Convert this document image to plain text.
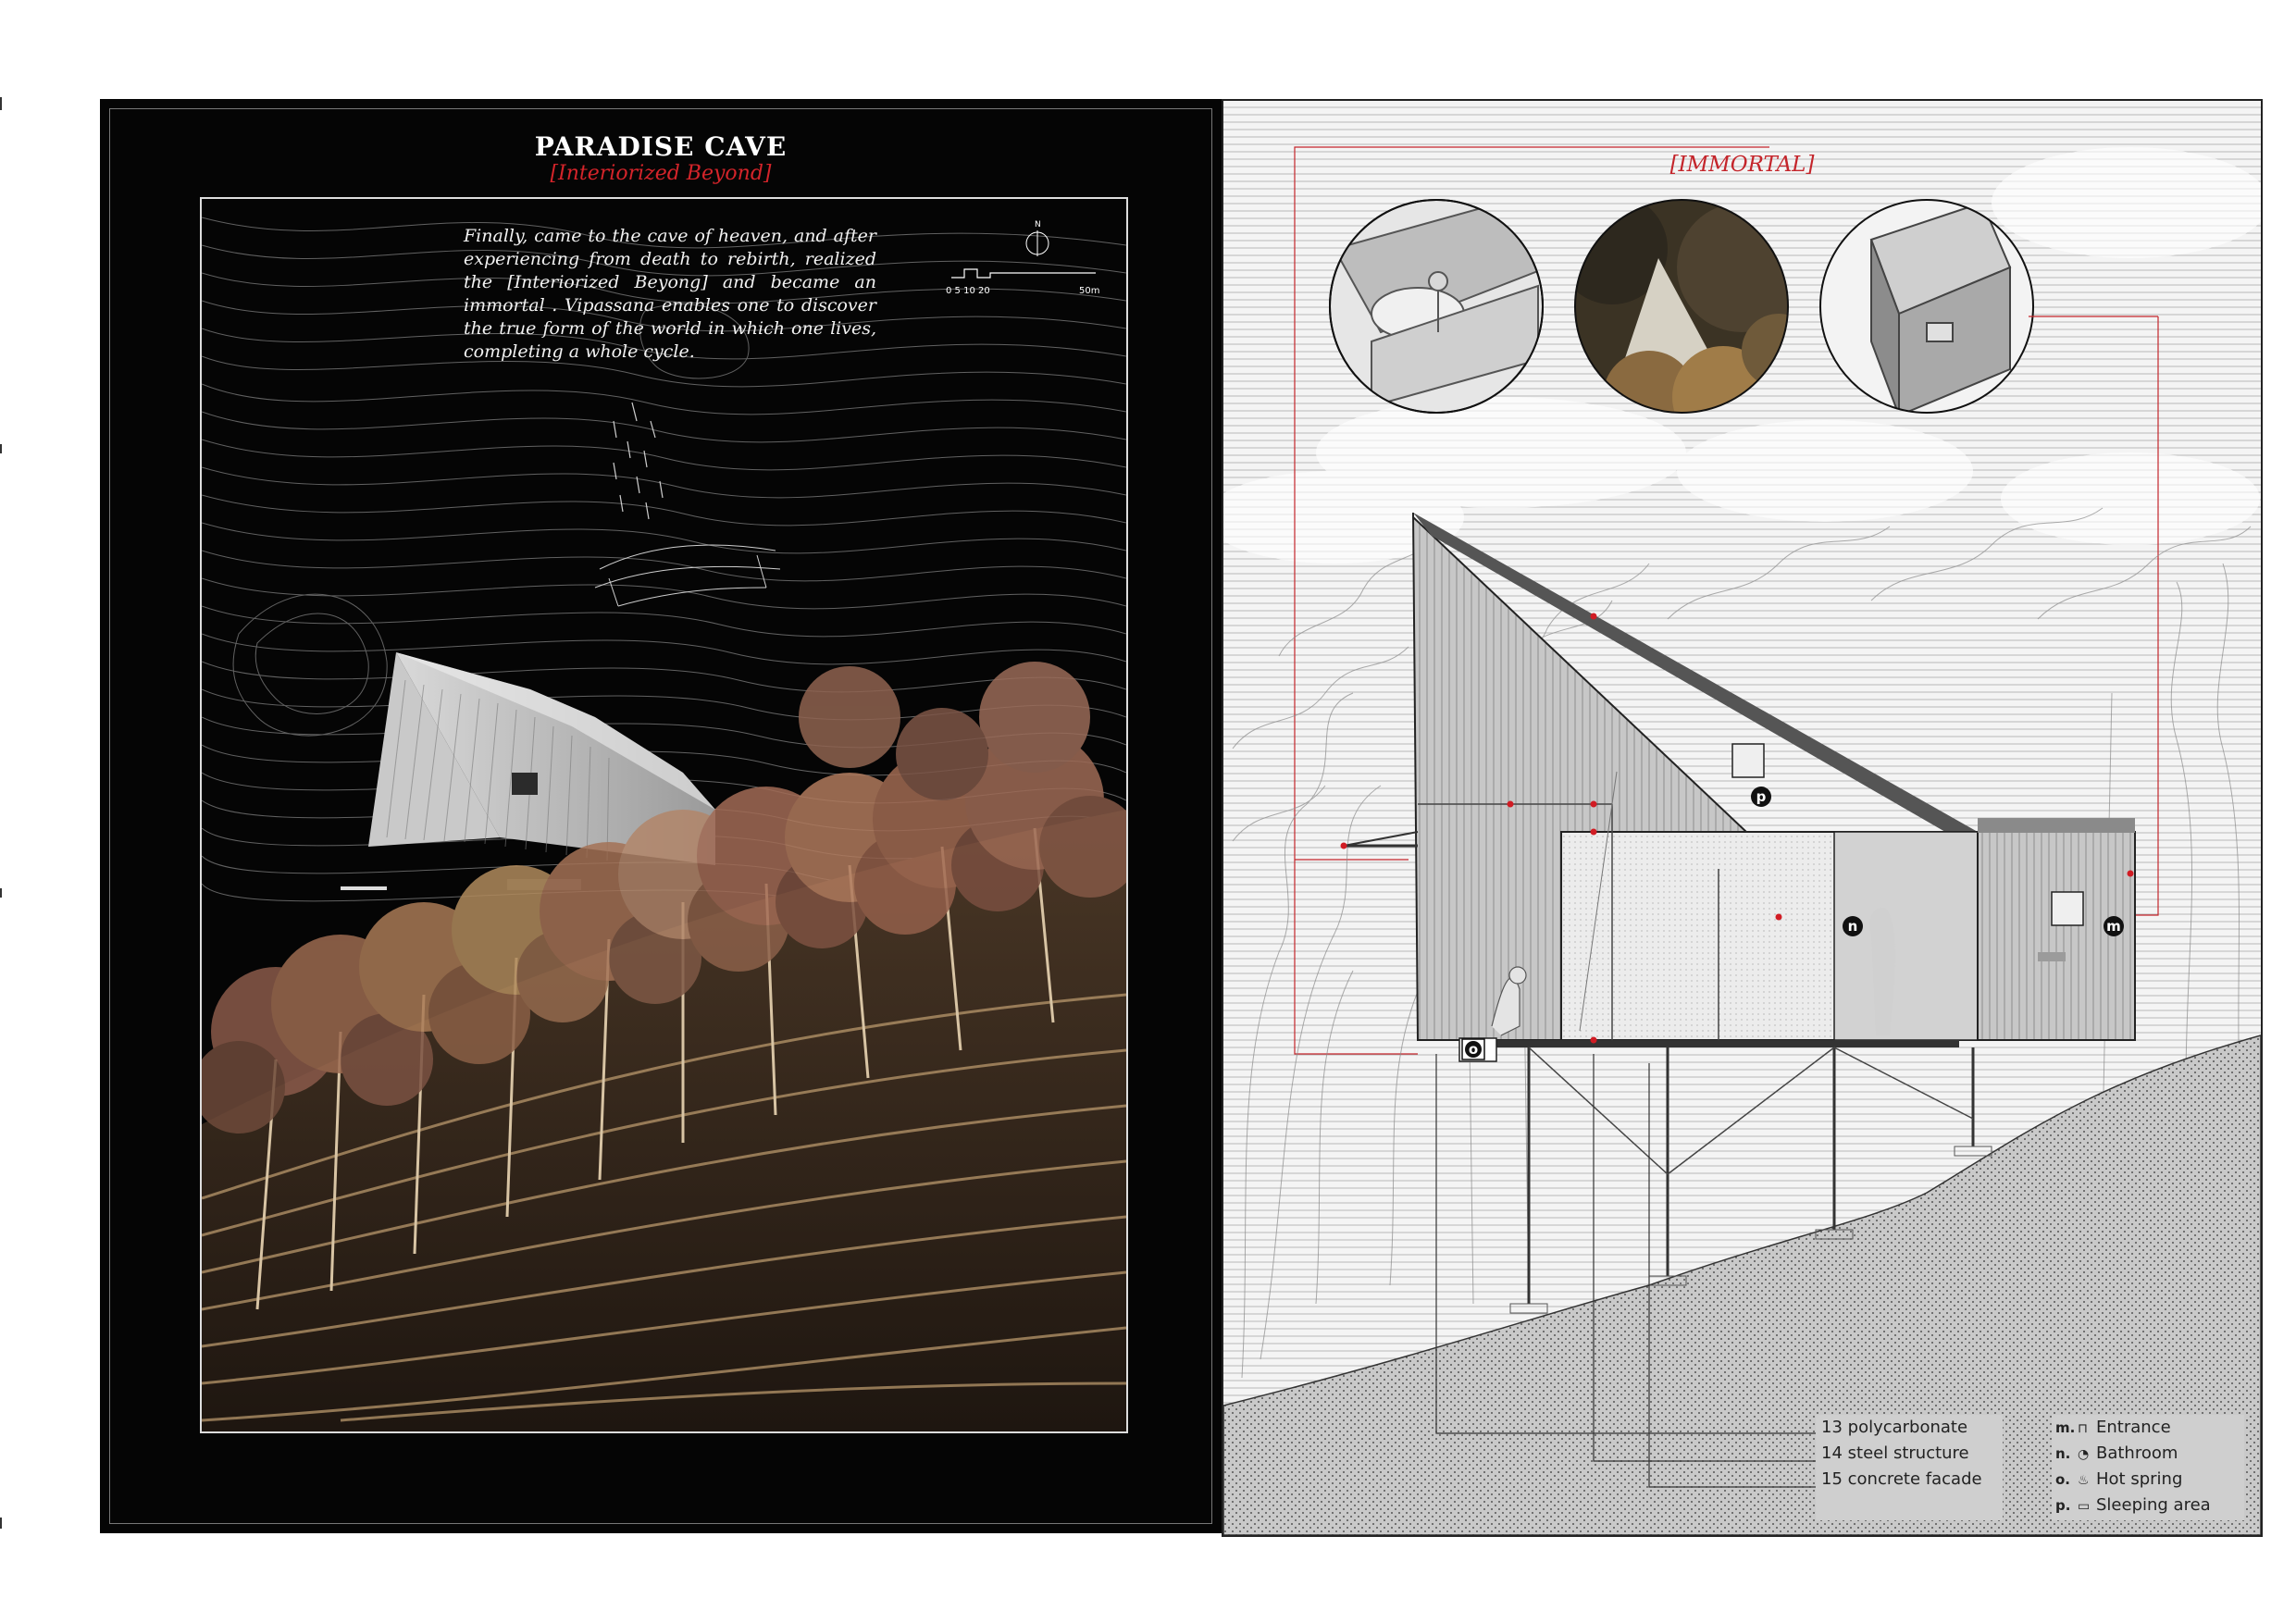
PARADISE CAVE
[Interiorized Beyond]
Finally, came to the cave of heaven, and after experiencing from death to rebirth, realized the [Interiorized Beyong] and became an immortal . Vipassana enables one to discover the true form of the world in which one lives, completing a whole cycle.
N
0 5 10 20	50m
p
n	m
o
[IMMORTAL]
13 polycarbonate
14 steel structure
15 concrete facade
m. ⊓ Entrance
n. ◔ Bathroom
o. ♨ Hot spring
p. ▭ Sleeping area
